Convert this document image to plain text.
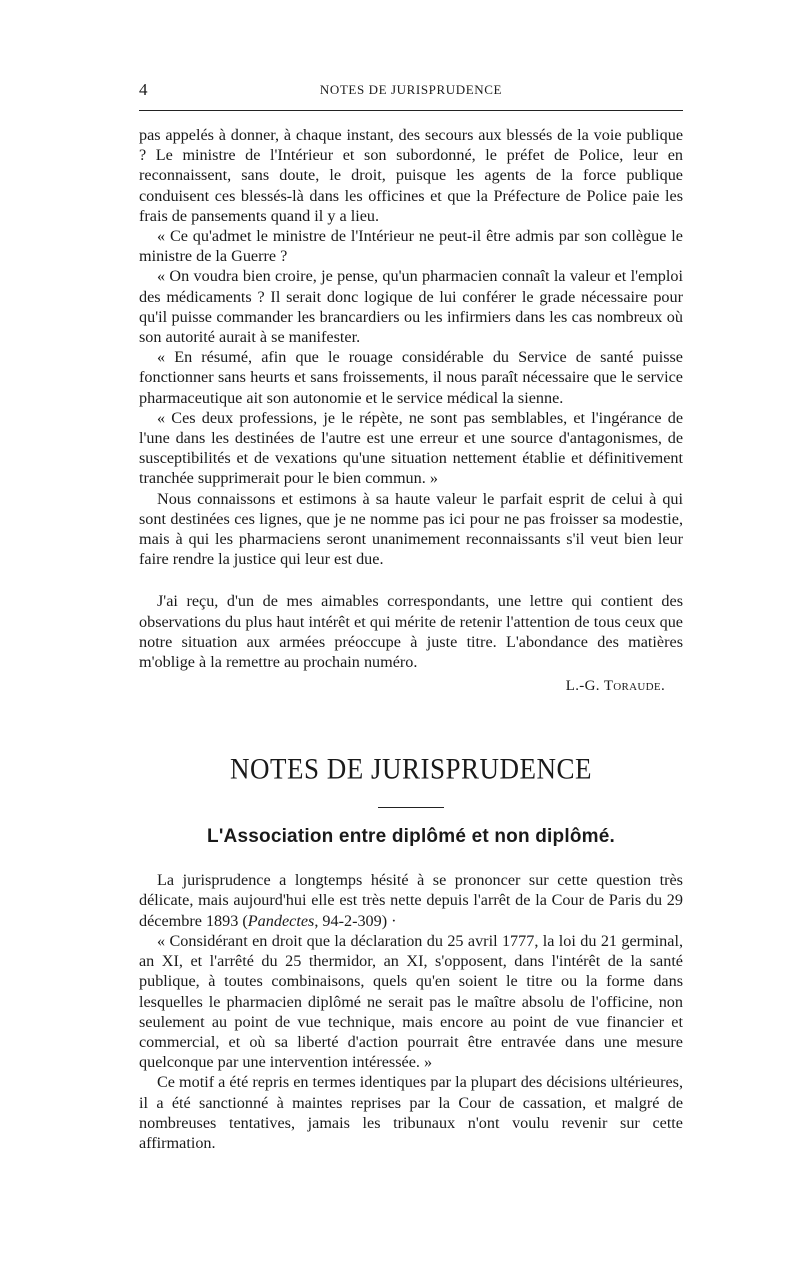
4	NOTES DE JURISPRUDENCE

pas appelés à donner, à chaque instant, des secours aux blessés de la voie publique ? Le ministre de l'Intérieur et son subordonné, le préfet de Police, leur en reconnaissent, sans doute, le droit, puisque les agents de la force publique conduisent ces blessés-là dans les officines et que la Préfecture de Police paie les frais de pansements quand il y a lieu.

« Ce qu'admet le ministre de l'Intérieur ne peut-il être admis par son collègue le ministre de la Guerre ?

« On voudra bien croire, je pense, qu'un pharmacien connaît la valeur et l'emploi des médicaments ? Il serait donc logique de lui conférer le grade nécessaire pour qu'il puisse commander les brancardiers ou les infirmiers dans les cas nombreux où son autorité aurait à se manifester.

« En résumé, afin que le rouage considérable du Service de santé puisse fonctionner sans heurts et sans froissements, il nous paraît nécessaire que le service pharmaceutique ait son autonomie et le service médical la sienne.

« Ces deux professions, je le répète, ne sont pas semblables, et l'ingérance de l'une dans les destinées de l'autre est une erreur et une source d'antagonismes, de susceptibilités et de vexations qu'une situation nettement établie et définitivement tranchée supprimerait pour le bien commun. »

Nous connaissons et estimons à sa haute valeur le parfait esprit de celui à qui sont destinées ces lignes, que je ne nomme pas ici pour ne pas froisser sa modestie, mais à qui les pharmaciens seront unanimement reconnaissants s'il veut bien leur faire rendre la justice qui leur est due.

J'ai reçu, d'un de mes aimables correspondants, une lettre qui contient des observations du plus haut intérêt et qui mérite de retenir l'attention de tous ceux que notre situation aux armées préoccupe à juste titre. L'abondance des matières m'oblige à la remettre au prochain numéro.

L.-G. Toraude.
NOTES DE JURISPRUDENCE
L'Association entre diplômé et non diplômé.

La jurisprudence a longtemps hésité à se prononcer sur cette question très délicate, mais aujourd'hui elle est très nette depuis l'arrêt de la Cour de Paris du 29 décembre 1893 (Pandectes, 94-2-309) ·

« Considérant en droit que la déclaration du 25 avril 1777, la loi du 21 germinal, an XI, et l'arrêté du 25 thermidor, an XI, s'opposent, dans l'intérêt de la santé publique, à toutes combinaisons, quels qu'en soient le titre ou la forme dans lesquelles le pharmacien diplômé ne serait pas le maître absolu de l'officine, non seulement au point de vue technique, mais encore au point de vue financier et commercial, et où sa liberté d'action pourrait être entravée dans une mesure quelconque par une intervention intéressée. »

Ce motif a été repris en termes identiques par la plupart des décisions ultérieures, il a été sanctionné à maintes reprises par la Cour de cassation, et malgré de nombreuses tentatives, jamais les tribunaux n'ont voulu revenir sur cette affirmation.
